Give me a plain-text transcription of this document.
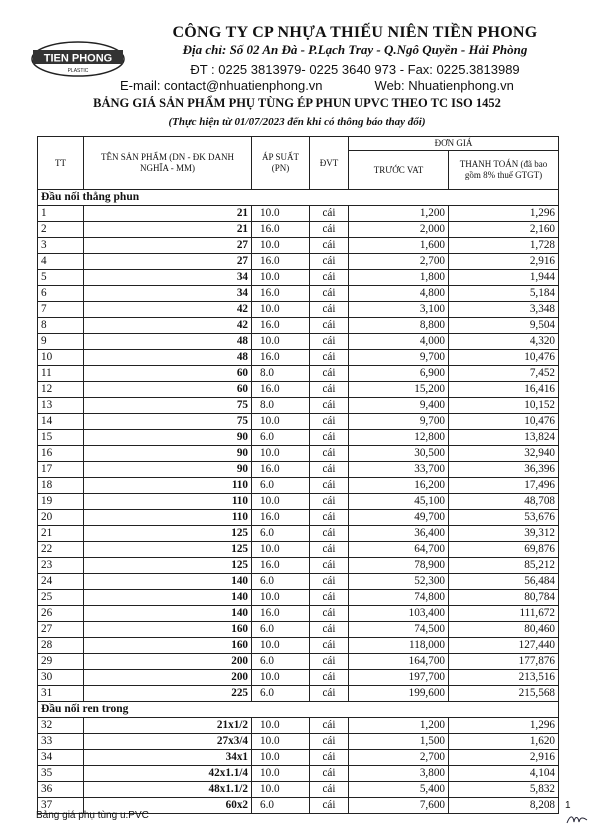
TIEN PHONG
PLASTIC
CÔNG TY CP NHỰA THIẾU NIÊN TIỀN PHONG
Địa chỉ: Số 02 An Đà - P.Lạch Tray - Q.Ngô Quyền - Hải Phòng
ĐT : 0225 3813979- 0225 3640 973 - Fax: 0225.3813989
E-mail: contact@nhuatienphong.vn	Web: Nhuatienphong.vn
BẢNG GIÁ SẢN PHẨM PHỤ TÙNG ÉP PHUN UPVC THEO TC ISO 1452
(Thực hiện từ 01/07/2023 đến khi có thông báo thay đổi)
TT	TÊN SẢN PHẨM (DN - ĐK DANH NGHĨA - MM)	ÁP SUẤT (PN)	ĐVT	ĐƠN GIÁ	
				TRƯỚC VAT	THANH TOÁN (đã bao gồm 8% thuế GTGT)
Đầu nối thẳng phun					
1	21	10.0	cái	1,200	1,296
2	21	16.0	cái	2,000	2,160
3	27	10.0	cái	1,600	1,728
4	27	16.0	cái	2,700	2,916
5	34	10.0	cái	1,800	1,944
6	34	16.0	cái	4,800	5,184
7	42	10.0	cái	3,100	3,348
8	42	16.0	cái	8,800	9,504
9	48	10.0	cái	4,000	4,320
10	48	16.0	cái	9,700	10,476
11	60	8.0	cái	6,900	7,452
12	60	16.0	cái	15,200	16,416
13	75	8.0	cái	9,400	10,152
14	75	10.0	cái	9,700	10,476
15	90	6.0	cái	12,800	13,824
16	90	10.0	cái	30,500	32,940
17	90	16.0	cái	33,700	36,396
18	110	6.0	cái	16,200	17,496
19	110	10.0	cái	45,100	48,708
20	110	16.0	cái	49,700	53,676
21	125	6.0	cái	36,400	39,312
22	125	10.0	cái	64,700	69,876
23	125	16.0	cái	78,900	85,212
24	140	6.0	cái	52,300	56,484
25	140	10.0	cái	74,800	80,784
26	140	16.0	cái	103,400	111,672
27	160	6.0	cái	74,500	80,460
28	160	10.0	cái	118,000	127,440
29	200	6.0	cái	164,700	177,876
30	200	10.0	cái	197,700	213,516
31	225	6.0	cái	199,600	215,568
Đầu nối ren trong					
32	21x1/2	10.0	cái	1,200	1,296
33	27x3/4	10.0	cái	1,500	1,620
34	34x1	10.0	cái	2,700	2,916
35	42x1.1/4	10.0	cái	3,800	4,104
36	48x1.1/2	10.0	cái	5,400	5,832
37	60x2	6.0	cái	7,600	8,208
Bảng giá phụ tùng u.PVC
1
